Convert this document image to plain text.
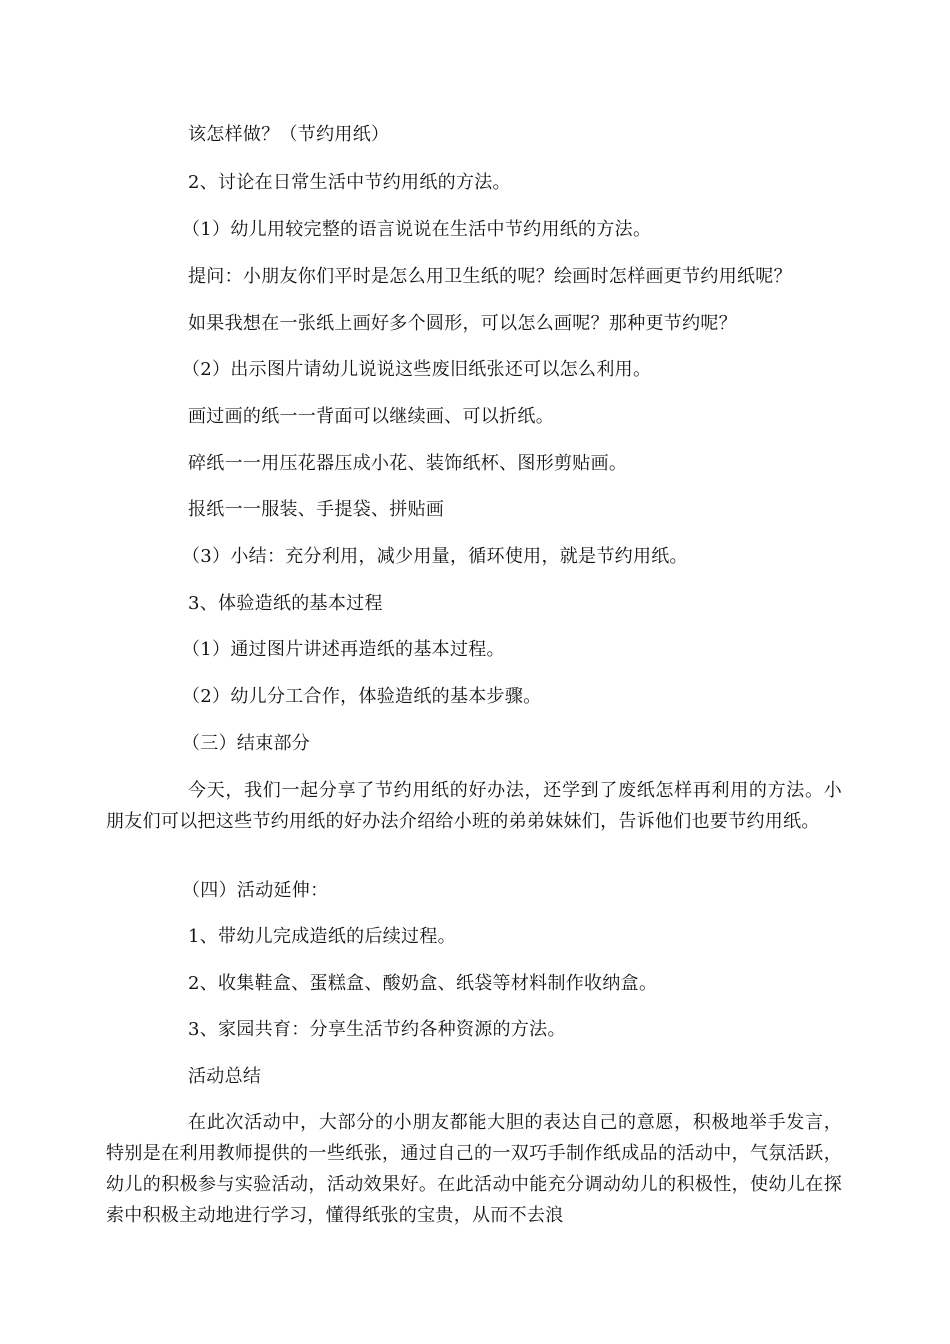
该怎样做？（节约用纸）
2、讨论在日常生活中节约用纸的方法。
（1）幼儿用较完整的语言说说在生活中节约用纸的方法。
提问：小朋友你们平时是怎么用卫生纸的呢？绘画时怎样画更节约用纸呢？
如果我想在一张纸上画好多个圆形，可以怎么画呢？那种更节约呢？
（2）出示图片请幼儿说说这些废旧纸张还可以怎么利用。
画过画的纸一一背面可以继续画、可以折纸。
碎纸一一用压花器压成小花、装饰纸杯、图形剪贴画。
报纸一一服装、手提袋、拼贴画
（3）小结：充分利用，减少用量，循环使用，就是节约用纸。
3、体验造纸的基本过程
（1）通过图片讲述再造纸的基本过程。
（2）幼儿分工合作，体验造纸的基本步骤。
（三）结束部分
今天，我们一起分享了节约用纸的好办法，还学到了废纸怎样再利用的方法。小朋友们可以把这些节约用纸的好办法介绍给小班的弟弟妹妹们，告诉他们也要节约用纸。
（四）活动延伸：
1、带幼儿完成造纸的后续过程。
2、收集鞋盒、蛋糕盒、酸奶盒、纸袋等材料制作收纳盒。
3、家园共育：分享生活节约各种资源的方法。
活动总结
在此次活动中，大部分的小朋友都能大胆的表达自己的意愿，积极地举手发言，特别是在利用教师提供的一些纸张，通过自己的一双巧手制作纸成品的活动中，气氛活跃，幼儿的积极参与实验活动，活动效果好。在此活动中能充分调动幼儿的积极性，使幼儿在探索中积极主动地进行学习，懂得纸张的宝贵，从而不去浪
